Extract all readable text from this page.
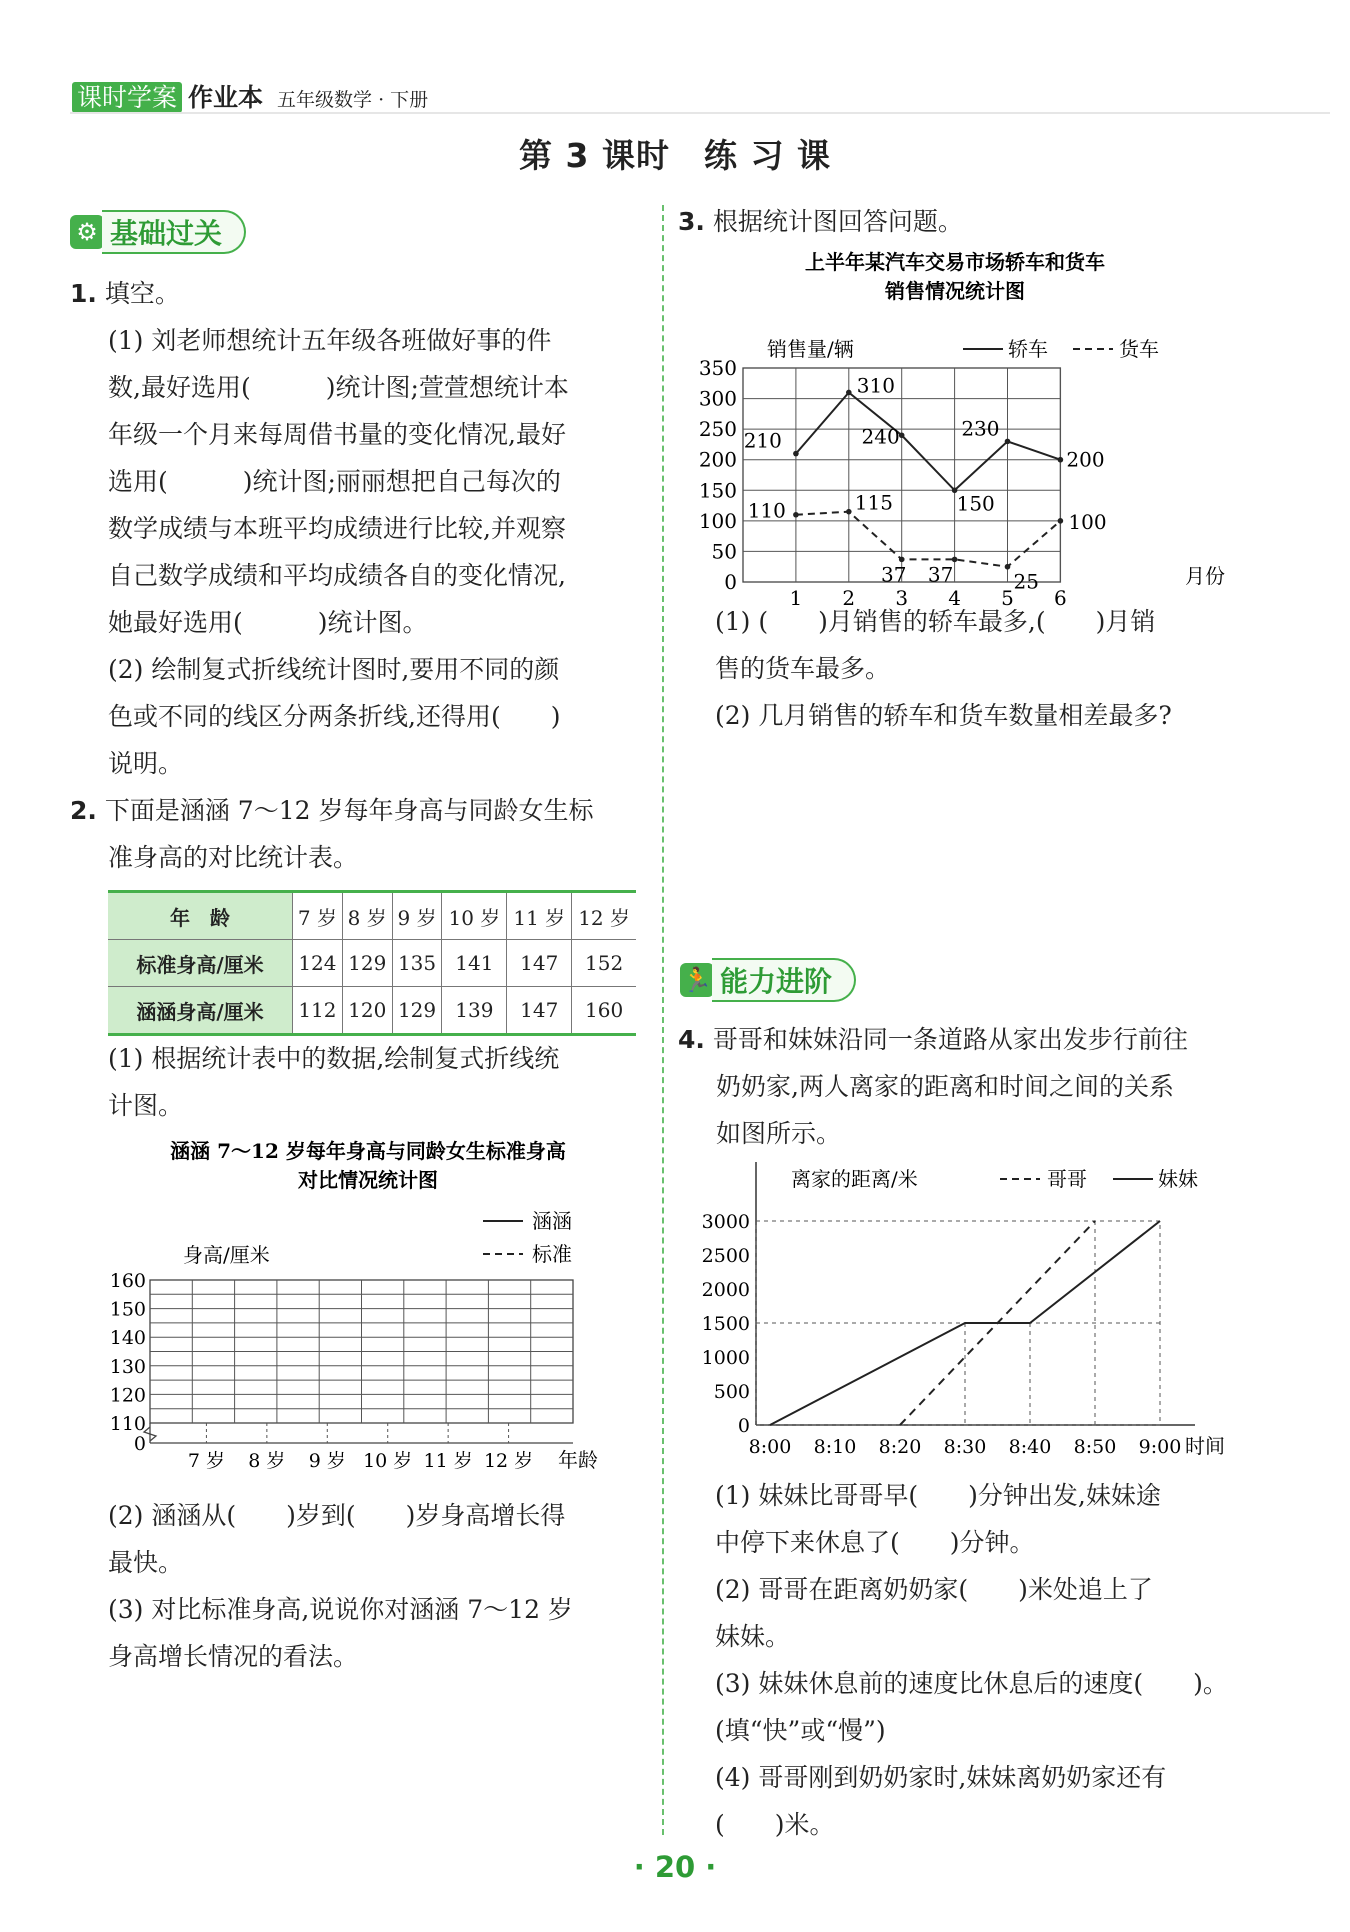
课时学案 作业本 五年级数学 · 下册
第 3 课时　练 习 课
⚙ 基础过关
1. 填空。
(1) 刘老师想统计五年级各班做好事的件
数,最好选用(　　　)统计图;萱萱想统计本
年级一个月来每周借书量的变化情况,最好
选用(　　　)统计图;丽丽想把自己每次的
数学成绩与本班平均成绩进行比较,并观察
自己数学成绩和平均成绩各自的变化情况,
她最好选用(　　　)统计图。
(2) 绘制复式折线统计图时,要用不同的颜
色或不同的线区分两条折线,还得用(　　)
说明。
2. 下面是涵涵 7～12 岁每年身高与同龄女生标
准身高的对比统计表。
年　龄	7 岁	8 岁	9 岁	10 岁	11 岁	12 岁
标准身高/厘米	124	129	135	141	147	152
涵涵身高/厘米	112	120	129	139	147	160
(1) 根据统计表中的数据,绘制复式折线统
计图。
涵涵 7～12 岁每年身高与同龄女生标准身高
对比情况统计图
涵涵
标准
身高/厘米
年龄
0
110
120
130
140
150
160
7 岁 8 岁 9 岁 10 岁 11 岁 12 岁
(2) 涵涵从(　　)岁到(　　)岁身高增长得
最快。
(3) 对比标准身高,说说你对涵涵 7～12 岁
身高增长情况的看法。
3. 根据统计图回答问题。
上半年某汽车交易市场轿车和货车
销售情况统计图
销售量/辆	轿车	货车
月份
0
50
100
150
200
250
300
350
1 2 3 4 5 6
210
310
240
150
230
200
110	115
37 37	25
100
(1) (　　)月销售的轿车最多,(　　)月销
售的货车最多。
(2) 几月销售的轿车和货车数量相差最多?
🏃 能力进阶
4. 哥哥和妹妹沿同一条道路从家出发步行前往
奶奶家,两人离家的距离和时间之间的关系
如图所示。
离家的距离/米	哥哥	妹妹
时间
0
500
1000
1500
2000
2500
3000
8:00 8:10 8:20 8:30 8:40 8:50 9:00
(1) 妹妹比哥哥早(　　)分钟出发,妹妹途
中停下来休息了(　　)分钟。
(2) 哥哥在距离奶奶家(　　)米处追上了
妹妹。
(3) 妹妹休息前的速度比休息后的速度(　　)。
(填“快”或“慢”)
(4) 哥哥刚到奶奶家时,妹妹离奶奶家还有
(　　)米。
· 20 ·
